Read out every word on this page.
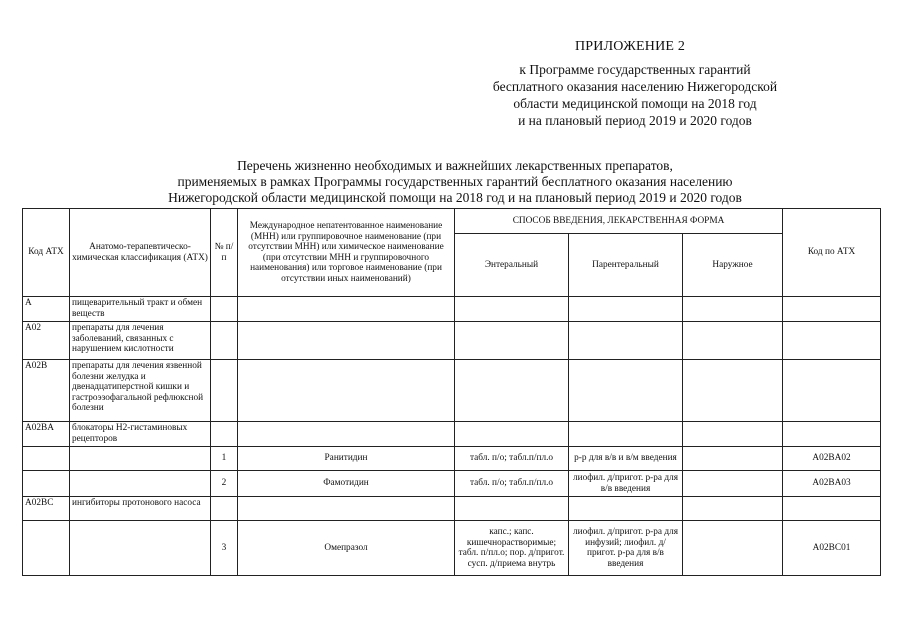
ПРИЛОЖЕНИЕ 2
к Программе государственных гарантий
бесплатного оказания населению Нижегородской
области медицинской помощи на 2018 год
и на плановый период 2019 и 2020 годов
Перечень жизненно необходимых и важнейших лекарственных препаратов,
применяемых в рамках Программы государственных гарантий бесплатного оказания населению
Нижегородской области медицинской помощи на 2018 год и на плановый период 2019 и 2020 годов
Код АТХ	Анатомо-терапевтическо-химическая классификация (АТХ)	№ п/п	Международное непатентованное наименование (МНН) или группировочное наименование (при отсутствии МНН) или химическое наименование (при отсутствии МНН и группировочного наименования) или торговое наименование (при отсутствии иных наименований)	СПОСОБ ВВЕДЕНИЯ, ЛЕКАРСТВЕННАЯ ФОРМА			Код по АТХ
				Энтеральный	Парентеральный	Наружное	
A	пищеварительный тракт и обмен веществ						
A02	препараты для лечения заболеваний, связанных с нарушением кислотности						
A02B	препараты для лечения язвенной болезни желудка и двенадцатиперстной кишки и гастроэзофагальной рефлюксной болезни						
A02BA	блокаторы H2-гистаминовых рецепторов						
		1	Ранитидин	табл. п/о; табл.п/пл.о	р-р для в/в и в/м введения		A02BA02
		2	Фамотидин	табл. п/о; табл.п/пл.о	лиофил. д/пригот. р-ра для в/в введения		A02BA03
A02BC	ингибиторы протонового насоса						
		3	Омепразол	капс.; капс. кишечнорастворимые; табл. п/пл.о; пор. д/пригот. сусп. д/приема внутрь	лиофил. д/пригот. р-ра для инфузий; лиофил. д/пригот. р-ра для в/в введения		A02BC01
